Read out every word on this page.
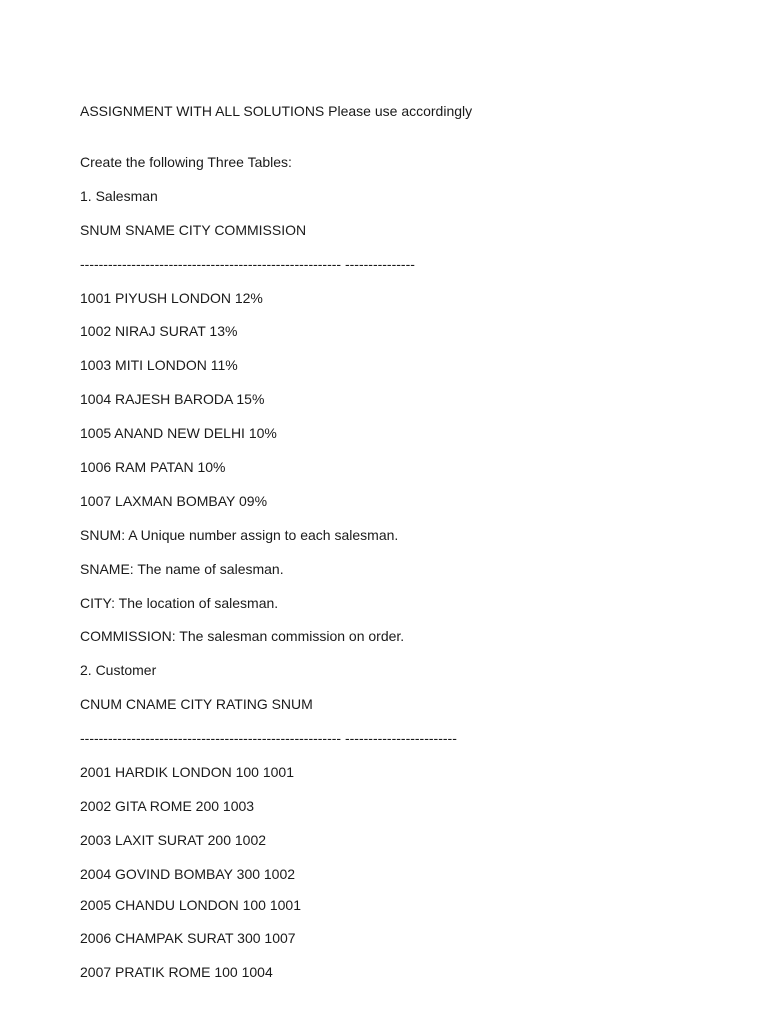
ASSIGNMENT WITH ALL SOLUTIONS Please use accordingly
Create the following Three Tables:
1. Salesman
SNUM SNAME CITY COMMISSION
-------------------------------------------------------- ---------------
1001 PIYUSH LONDON 12%
1002 NIRAJ SURAT 13%
1003 MITI LONDON 11%
1004 RAJESH BARODA 15%
1005 ANAND NEW DELHI 10%
1006 RAM PATAN 10%
1007 LAXMAN BOMBAY 09%
SNUM: A Unique number assign to each salesman.
SNAME: The name of salesman.
CITY: The location of salesman.
COMMISSION: The salesman commission on order.
2. Customer
CNUM CNAME CITY RATING SNUM
-------------------------------------------------------- ------------------------
2001 HARDIK LONDON 100 1001
2002 GITA ROME 200 1003
2003 LAXIT SURAT 200 1002
2004 GOVIND BOMBAY 300 1002
2005 CHANDU LONDON 100 1001
2006 CHAMPAK SURAT 300 1007
2007 PRATIK ROME 100 1004
